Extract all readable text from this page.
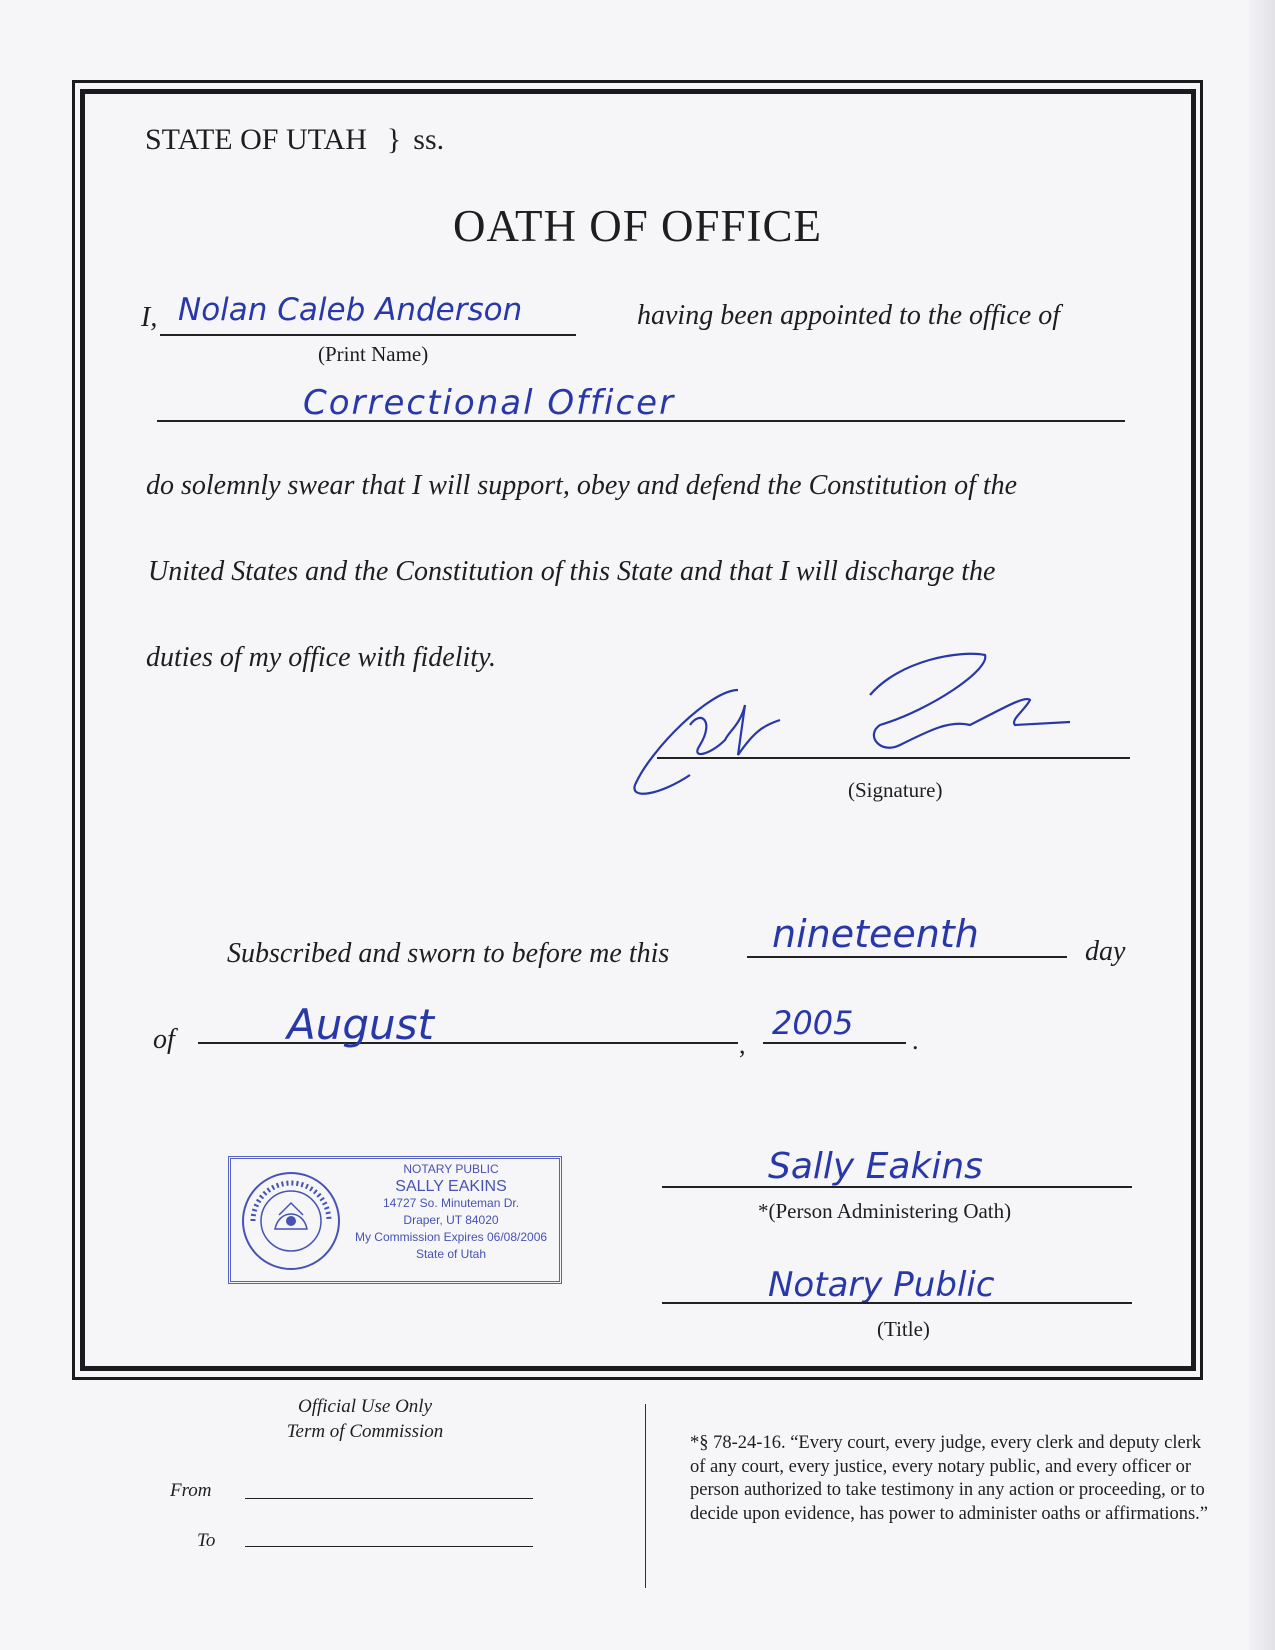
STATE OF UTAH } ss.
OATH OF OFFICE
I, Nolan Caleb Anderson	having been appointed to the office of
(Print Name)
Correctional Officer
do solemnly swear that I will support, obey and defend the Constitution of the
United States and the Constitution of this State and that I will discharge the
duties of my office with fidelity.
(Signature)
Subscribed and sworn to before me this	nineteenth	day
of	August	,
2005 .
NOTARY PUBLIC
SALLY EAKINS
14727 So. Minuteman Dr.
Draper, UT 84020
My Commission Expires 06/08/2006
State of Utah
Sally Eakins
*(Person Administering Oath)
Notary Public
(Title)
Official Use Only
Term of Commission
From
To
*§ 78-24-16. “Every court, every judge, every clerk and deputy clerk of any court, every justice, every notary public, and every officer or person authorized to take testimony in any action or proceeding, or to decide upon evidence, has power to administer oaths or affirmations.”
